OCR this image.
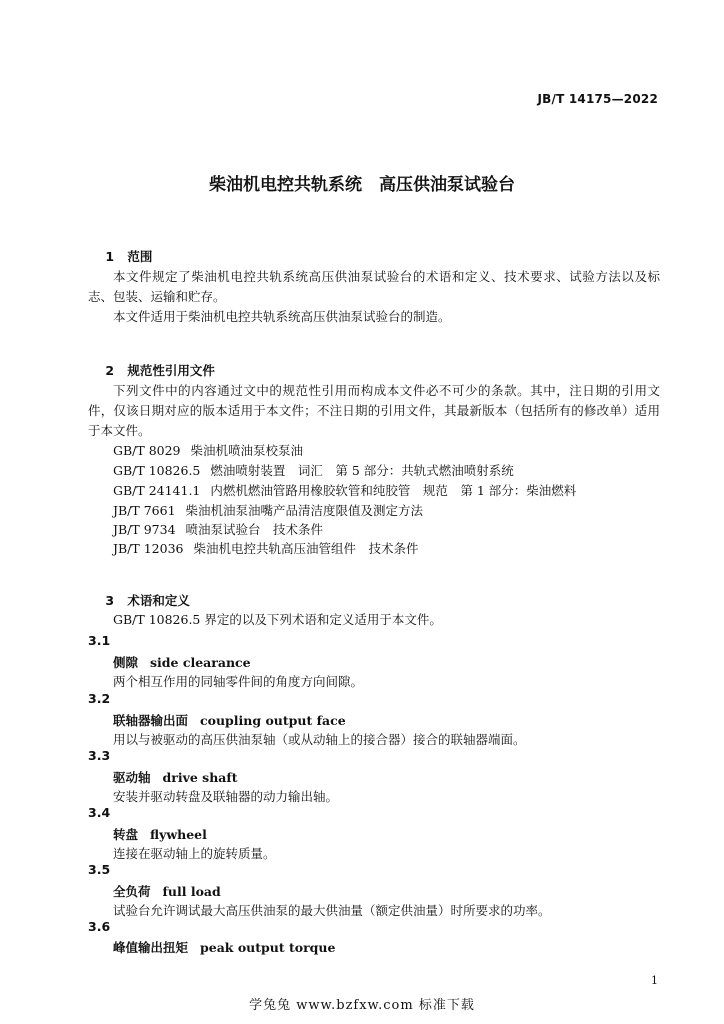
JB/T 14175—2022
柴油机电控共轨系统　高压供油泵试验台

1 范围

本文件规定了柴油机电控共轨系统高压供油泵试验台的术语和定义、技术要求、试验方法以及标志、包装、运输和贮存。
本文件适用于柴油机电控共轨系统高压供油泵试验台的制造。

2 规范性引用文件

下列文件中的内容通过文中的规范性引用而构成本文件必不可少的条款。其中，注日期的引用文件，仅该日期对应的版本适用于本文件；不注日期的引用文件，其最新版本（包括所有的修改单）适用于本文件。
GB/T 8029 柴油机喷油泵校泵油
GB/T 10826.5 燃油喷射装置　词汇　第 5 部分：共轨式燃油喷射系统
GB/T 24141.1 内燃机燃油管路用橡胶软管和纯胶管　规范　第 1 部分：柴油燃料
JB/T 7661 柴油机油泵油嘴产品清洁度限值及测定方法
JB/T 9734 喷油泵试验台　技术条件
JB/T 12036 柴油机电控共轨高压油管组件　技术条件

3 术语和定义

GB/T 10826.5 界定的以及下列术语和定义适用于本文件。
3.1
侧隙 side clearance
两个相互作用的同轴零件间的角度方向间隙。
3.2
联轴器输出面 coupling output face
用以与被驱动的高压供油泵轴（或从动轴上的接合器）接合的联轴器端面。
3.3
驱动轴 drive shaft
安装并驱动转盘及联轴器的动力输出轴。
3.4
转盘 flywheel
连接在驱动轴上的旋转质量。
3.5
全负荷 full load
试验台允许调试最大高压供油泵的最大供油量（额定供油量）时所要求的功率。
3.6
峰值输出扭矩 peak output torque
1
学兔兔 www.bzfxw.com 标准下载
